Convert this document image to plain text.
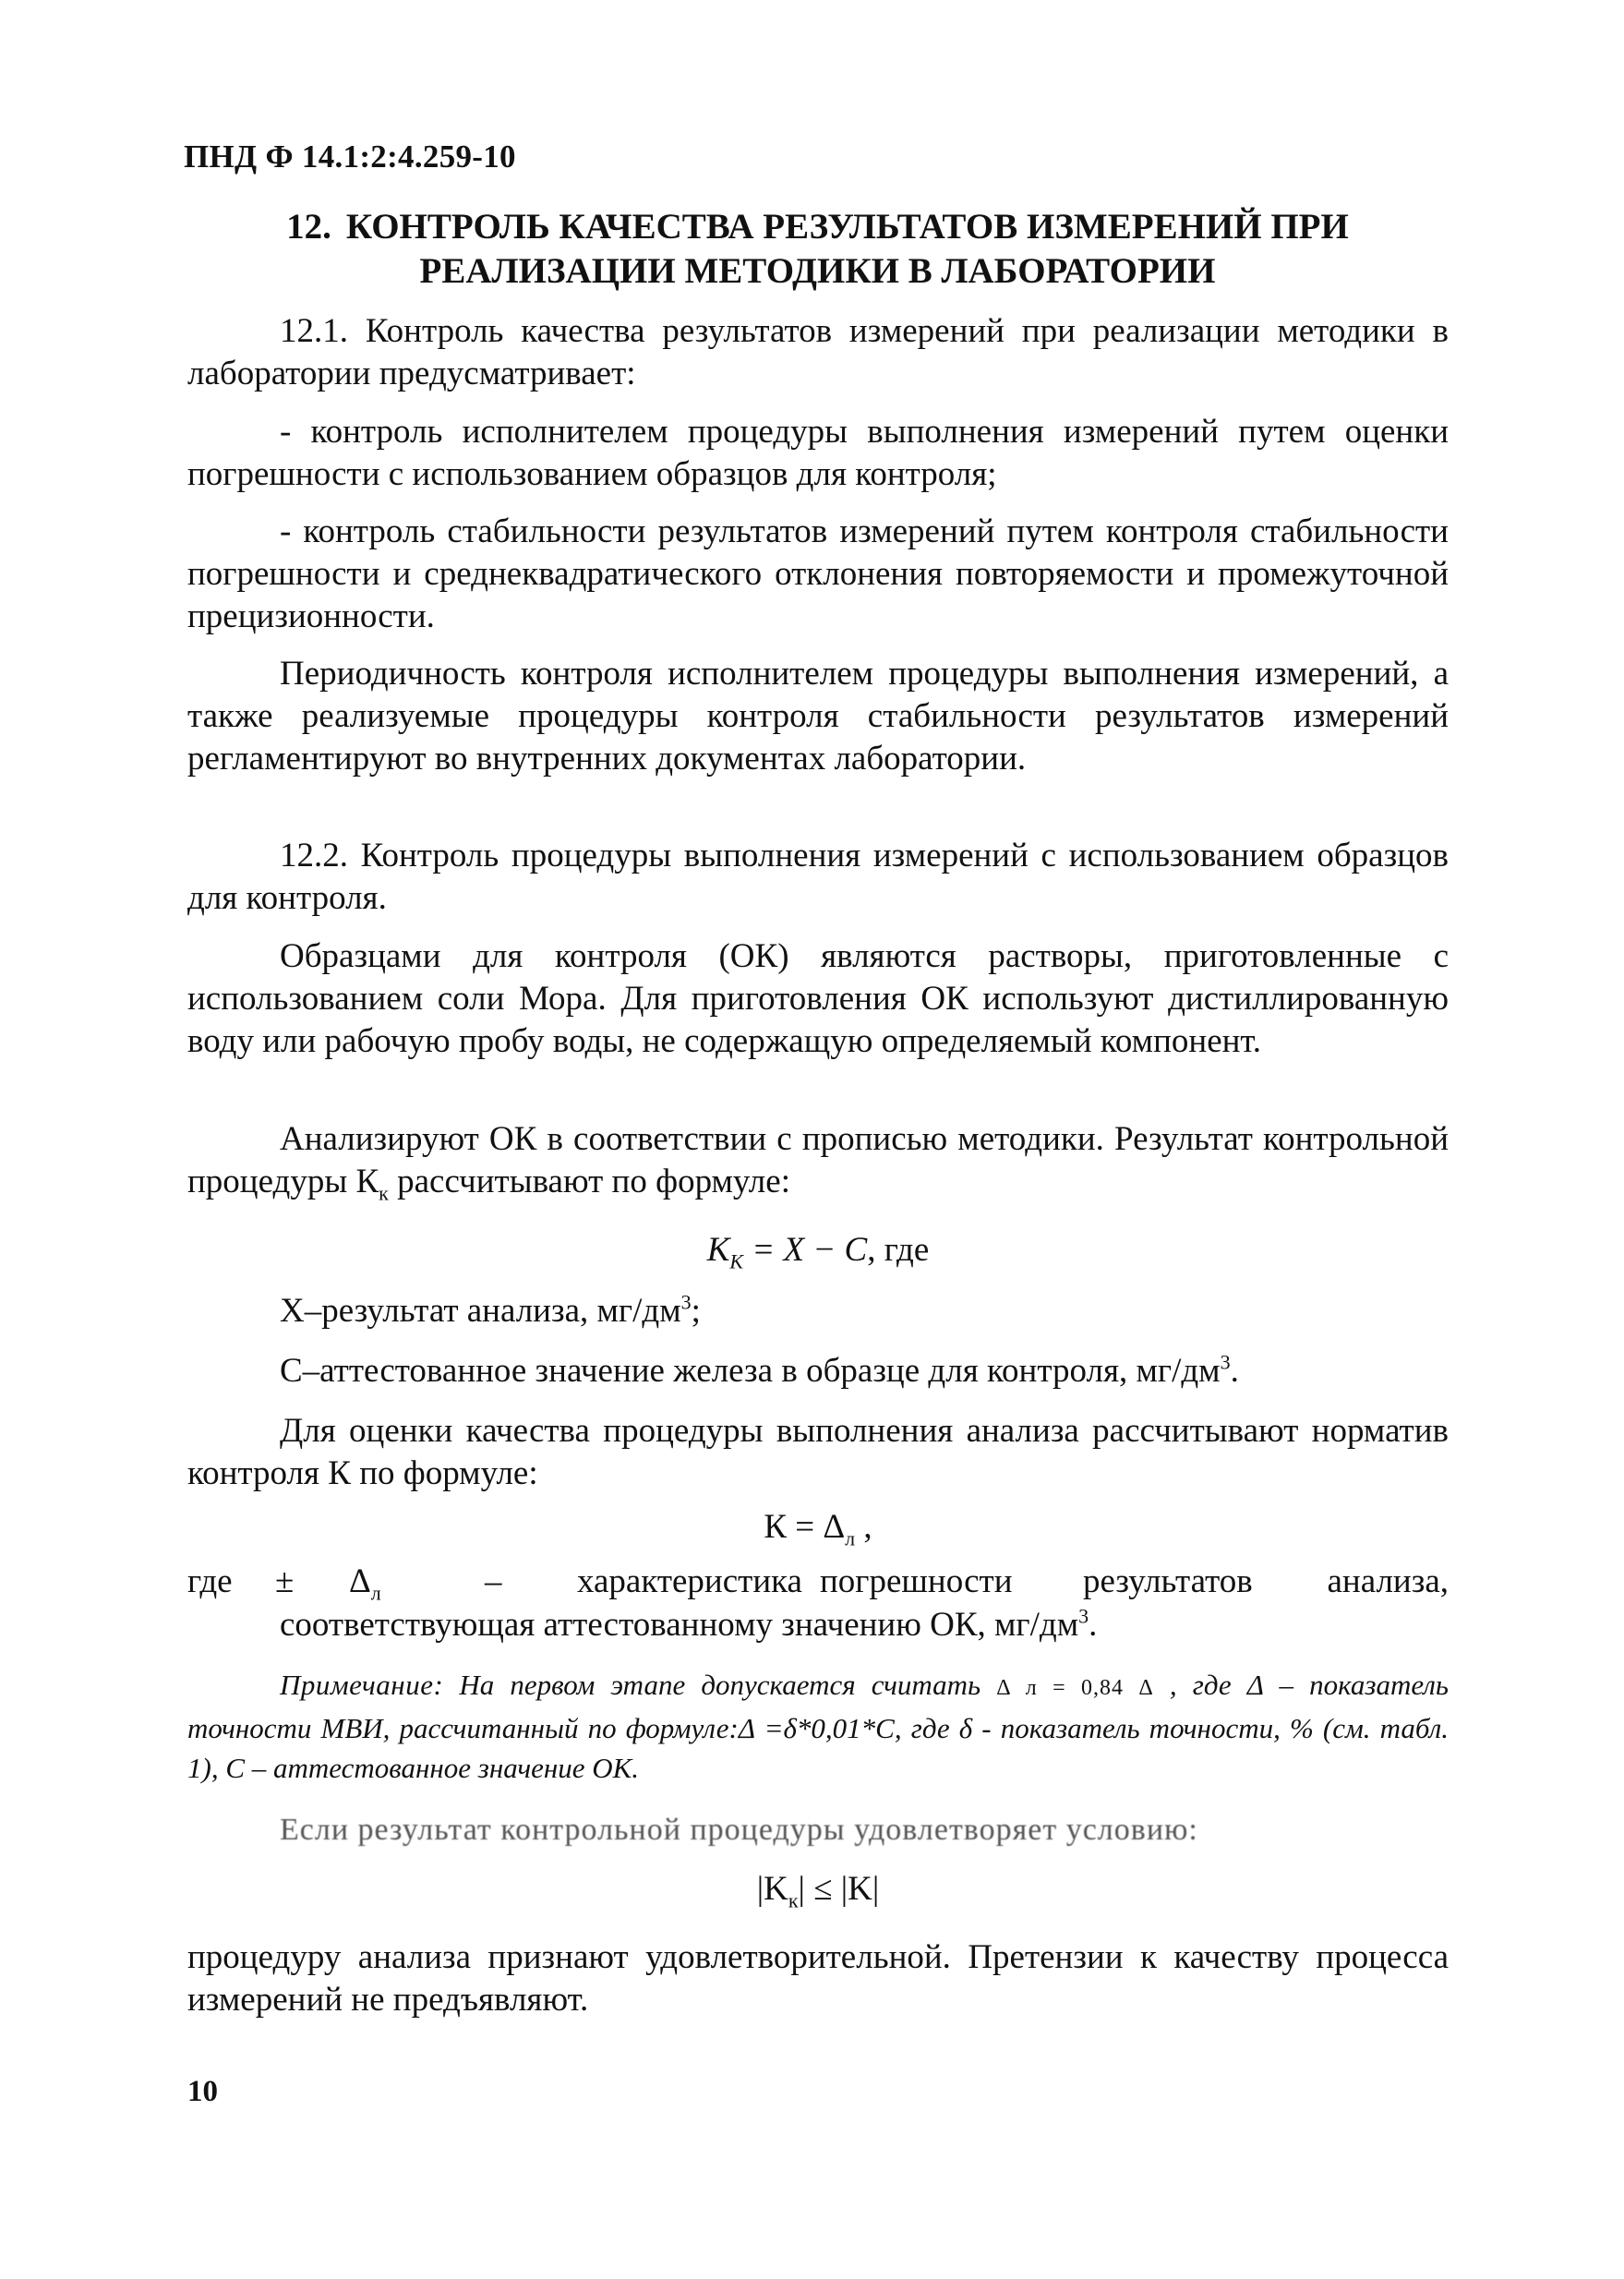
ПНД Ф 14.1:2:4.259-10
12. КОНТРОЛЬ КАЧЕСТВА РЕЗУЛЬТАТОВ ИЗМЕРЕНИЙ ПРИ
РЕАЛИЗАЦИИ МЕТОДИКИ В ЛАБОРАТОРИИ
12.1. Контроль качества результатов измерений при реализации методики в лаборатории предусматривает:
- контроль исполнителем процедуры выполнения измерений путем оценки погрешности с использованием образцов для контроля;
- контроль стабильности результатов измерений путем контроля стабильности погрешности и среднеквадратического отклонения повторяемости и промежуточной прецизионности.
Периодичность контроля исполнителем процедуры выполнения измерений, а также реализуемые процедуры контроля стабильности результатов измерений регламентируют во внутренних документах лаборатории.
12.2. Контроль процедуры выполнения измерений с использованием образцов для контроля.
Образцами для контроля (ОК) являются растворы, приготовленные с использованием соли Мора. Для приготовления ОК используют дистиллированную воду или рабочую пробу воды, не содержащую определяемый компонент.
Анализируют ОК в соответствии с прописью методики. Результат контрольной процедуры $К_к$ рассчитывают по формуле:
$K_К = X - C$, где
X–результат анализа, $мг/дм^3$;
C–аттестованное значение железа в образце для контроля, $мг/дм^3$.
Для оценки качества процедуры выполнения анализа рассчитывают норматив контроля К по формуле:
$К = \Delta_л$ ,
где ± $\Delta_л$	– характеристика погрешности результатов анализа,
соответствующая аттестованному значению ОК, $мг/дм^3$.
Примечание: На первом этапе допускается считать Δ л = 0,84 Δ , где Δ – показатель точности МВИ, рассчитанный по формуле:Δ =δ*0,01*С, где δ - показатель точности, % (см. табл. 1), С – аттестованное значение ОК.
Если результат контрольной процедуры удовлетворяет условию:
$|K_к| \le |K|$
процедуру анализа признают удовлетворительной. Претензии к качеству процесса измерений не предъявляют.
10
